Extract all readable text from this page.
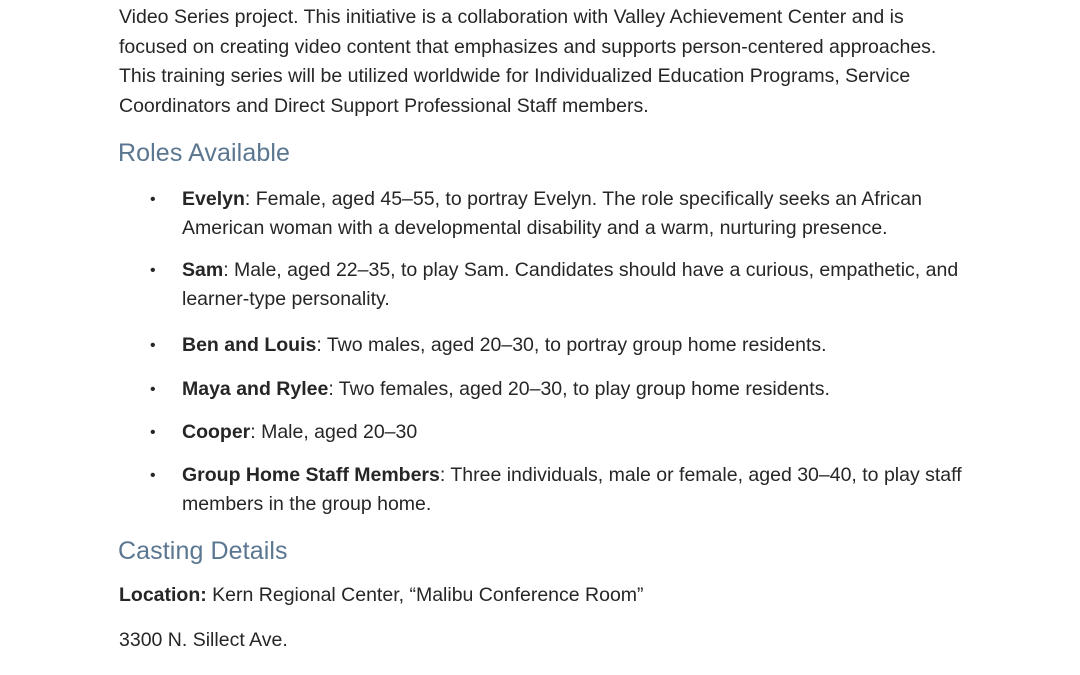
Video Series project. This initiative is a collaboration with Valley Achievement Center and is focused on creating video content that emphasizes and supports person-centered approaches. This training series will be utilized worldwide for Individualized Education Programs, Service Coordinators and Direct Support Professional Staff members.

Roles Available
• Evelyn: Female, aged 45–55, to portray Evelyn. The role specifically seeks an African American woman with a developmental disability and a warm, nurturing presence.
• Sam: Male, aged 22–35, to play Sam. Candidates should have a curious, empathetic, and learner-type personality.
• Ben and Louis: Two males, aged 20–30, to portray group home residents.
• Maya and Rylee: Two females, aged 20–30, to play group home residents.
• Cooper: Male, aged 20–30
• Group Home Staff Members: Three individuals, male or female, aged 30–40, to play staff members in the group home.
Casting Details

Location: Kern Regional Center, “Malibu Conference Room”

3300 N. Sillect Ave.
